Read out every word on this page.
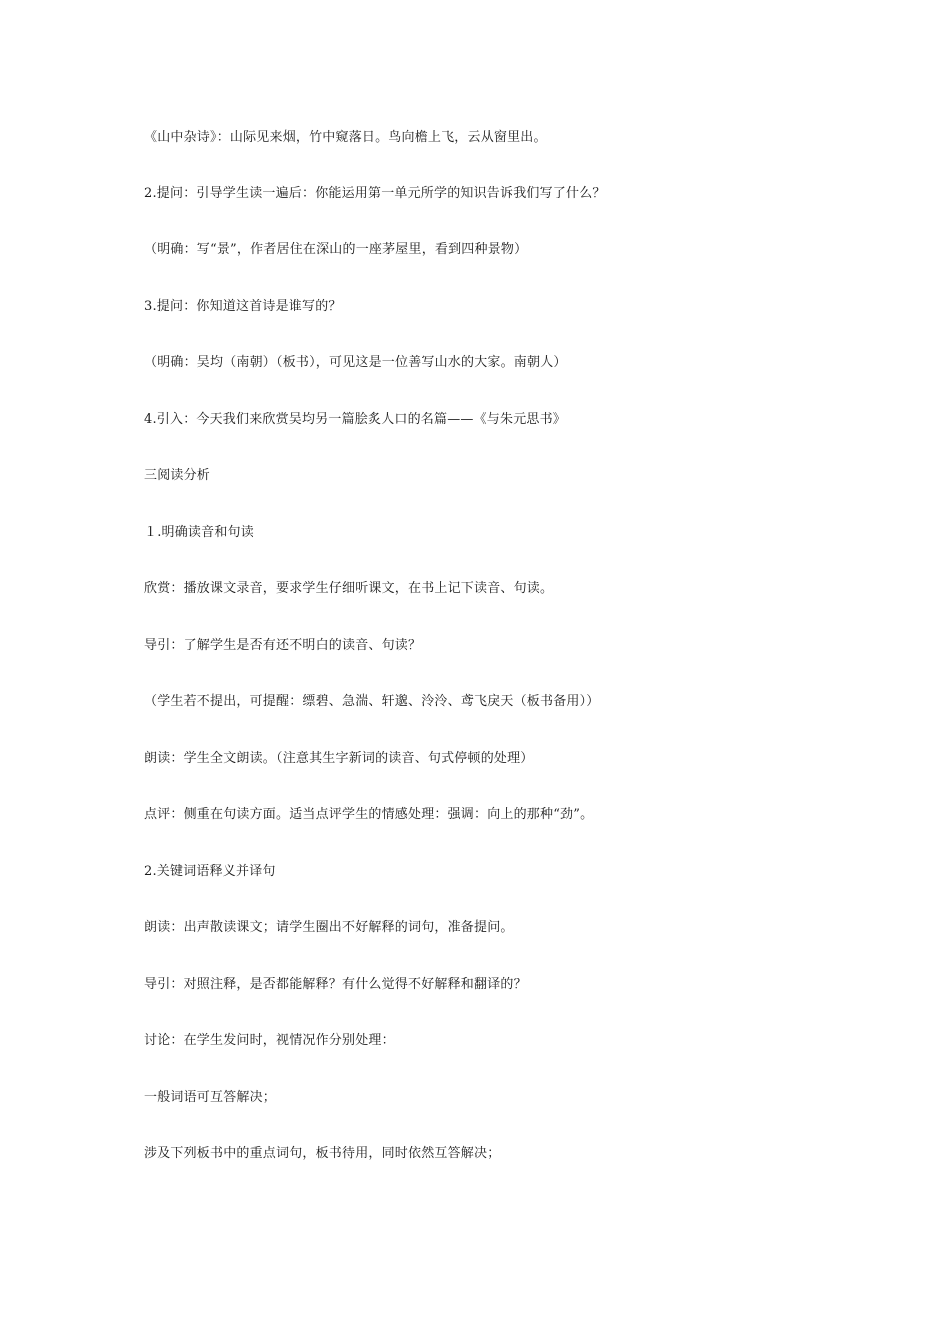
《山中杂诗》：山际见来烟，竹中窥落日。鸟向檐上飞，云从窗里出。
2.提问：引导学生读一遍后：你能运用第一单元所学的知识告诉我们写了什么？
（明确：写“景”，作者居住在深山的一座茅屋里，看到四种景物）
3.提问：你知道这首诗是谁写的？
（明确：吴均（南朝）（板书），可见这是一位善写山水的大家。南朝人）
4.引入：今天我们来欣赏吴均另一篇脍炙人口的名篇——《与朱元思书》
三阅读分析
１.明确读音和句读
欣赏：播放课文录音，要求学生仔细听课文，在书上记下读音、句读。
导引：了解学生是否有还不明白的读音、句读？
（学生若不提出，可提醒：缥碧、急湍、轩邈、泠泠、鸢飞戾天（板书备用））
朗读：学生全文朗读。（注意其生字新词的读音、句式停顿的处理）
点评：侧重在句读方面。适当点评学生的情感处理：强调：向上的那种“劲”。
2.关键词语释义并译句
朗读：出声散读课文；请学生圈出不好解释的词句，准备提问。
导引：对照注释，是否都能解释？有什么觉得不好解释和翻译的？
讨论：在学生发问时，视情况作分别处理：
一般词语可互答解决；
涉及下列板书中的重点词句，板书待用，同时依然互答解决；
